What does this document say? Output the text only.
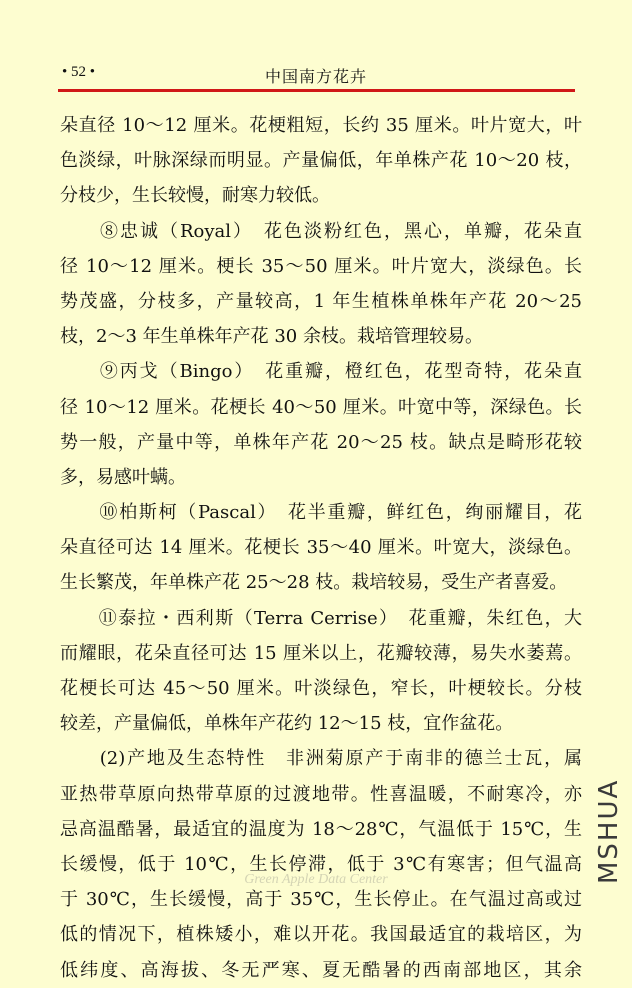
• 52 •	中国南方花卉
朵直径 10～12 厘米。花梗粗短，长约 35 厘米。叶片宽大，叶
色淡绿，叶脉深绿而明显。产量偏低，年单株产花 10～20 枝，
分枝少，生长较慢，耐寒力较低。
　　⑧忠诚（Royal）　花色淡粉红色，黑心，单瓣，花朵直
径 10～12 厘米。梗长 35～50 厘米。叶片宽大，淡绿色。长
势茂盛，分枝多，产量较高，1 年生植株单株年产花 20～25
枝，2～3 年生单株年产花 30 余枝。栽培管理较易。
　　⑨丙戈（Bingo）　花重瓣，橙红色，花型奇特，花朵直
径 10～12 厘米。花梗长 40～50 厘米。叶宽中等，深绿色。长
势一般，产量中等，单株年产花 20～25 枝。缺点是畸形花较
多，易感叶螨。
　　⑩柏斯柯（Pascal）　花半重瓣，鲜红色，绚丽耀目，花
朵直径可达 14 厘米。花梗长 35～40 厘米。叶宽大，淡绿色。
生长繁茂，年单株产花 25～28 枝。栽培较易，受生产者喜爱。
　　⑪泰拉・西利斯（Terra Cerrise）　花重瓣，朱红色，大
而耀眼，花朵直径可达 15 厘米以上，花瓣较薄，易失水萎蔫。
花梗长可达 45～50 厘米。叶淡绿色，窄长，叶梗较长。分枝
较差，产量偏低，单株年产花约 12～15 枝，宜作盆花。
　　(2)产地及生态特性　非洲菊原产于南非的德兰士瓦，属
亚热带草原向热带草原的过渡地带。性喜温暖，不耐寒冷，亦
忌高温酷暑，最适宜的温度为 18～28℃，气温低于 15℃，生
长缓慢，低于 10℃，生长停滞，低于 3℃有寒害；但气温高
于 30℃，生长缓慢，高于 35℃，生长停止。在气温过高或过
低的情况下，植株矮小，难以开花。我国最适宜的栽培区，为
低纬度、高海拔、冬无严寒、夏无酷暑的西南部地区，其余
MSHUA
Green Apple Data Center
